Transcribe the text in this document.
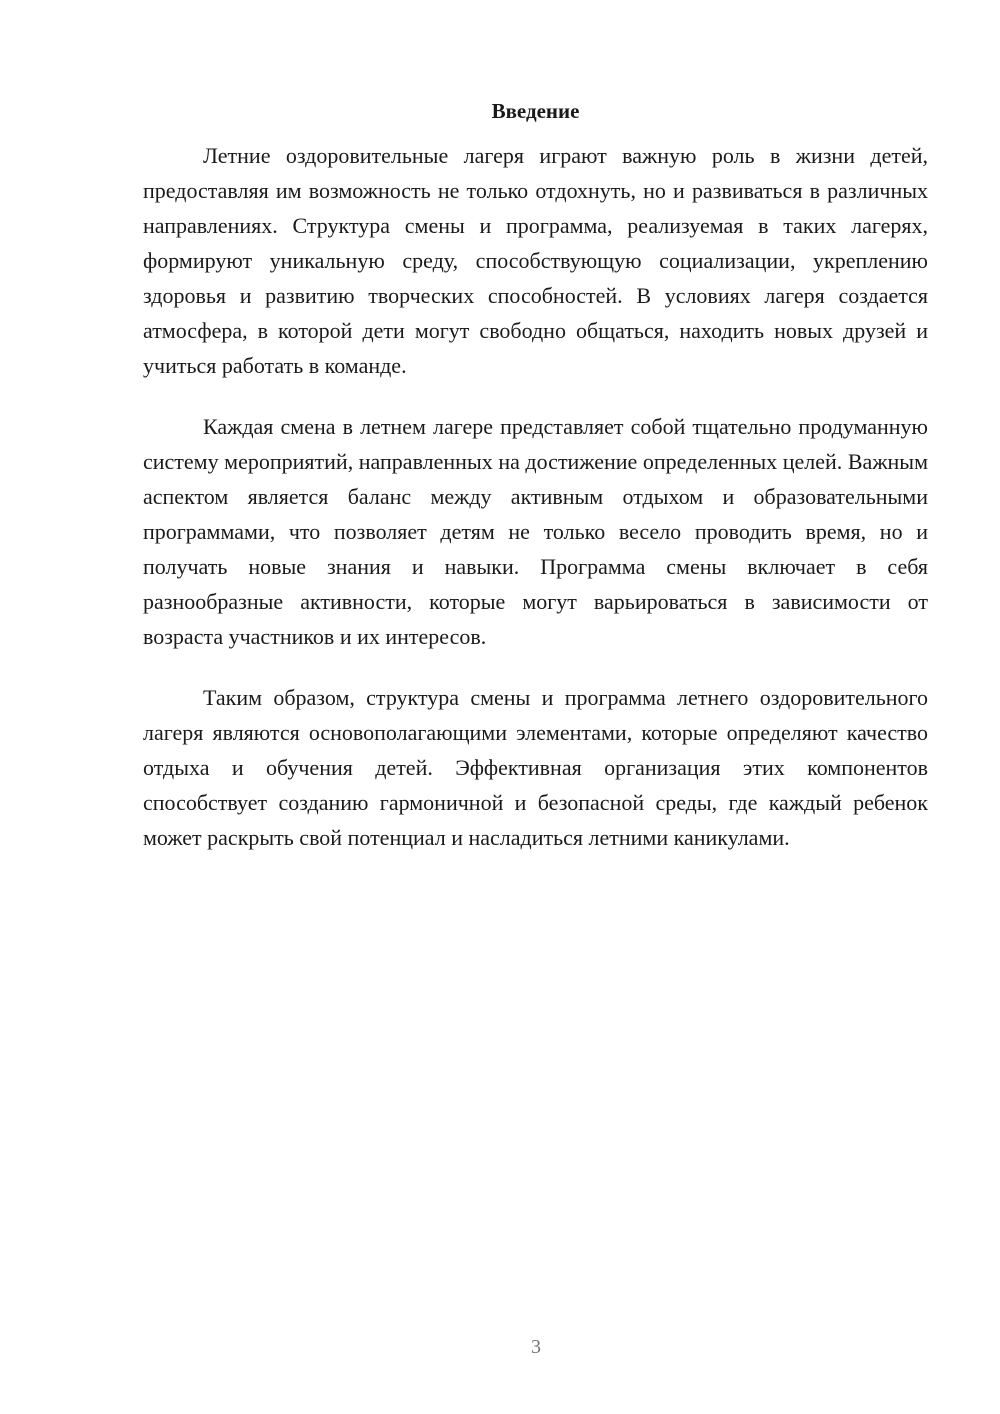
Введение

Летние оздоровительные лагеря играют важную роль в жизни детей, предоставляя им возможность не только отдохнуть, но и развиваться в различных направлениях. Структура смены и программа, реализуемая в таких лагерях, формируют уникальную среду, способствующую социализации, укреплению здоровья и развитию творческих способностей. В условиях лагеря создается атмосфера, в которой дети могут свободно общаться, находить новых друзей и учиться работать в команде.

Каждая смена в летнем лагере представляет собой тщательно продуманную систему мероприятий, направленных на достижение определенных целей. Важным аспектом является баланс между активным отдыхом и образовательными программами, что позволяет детям не только весело проводить время, но и получать новые знания и навыки. Программа смены включает в себя разнообразные активности, которые могут варьироваться в зависимости от возраста участников и их интересов.

Таким образом, структура смены и программа летнего оздоровительного лагеря являются основополагающими элементами, которые определяют качество отдыха и обучения детей. Эффективная организация этих компонентов способствует созданию гармоничной и безопасной среды, где каждый ребенок может раскрыть свой потенциал и насладиться летними каникулами.

3
